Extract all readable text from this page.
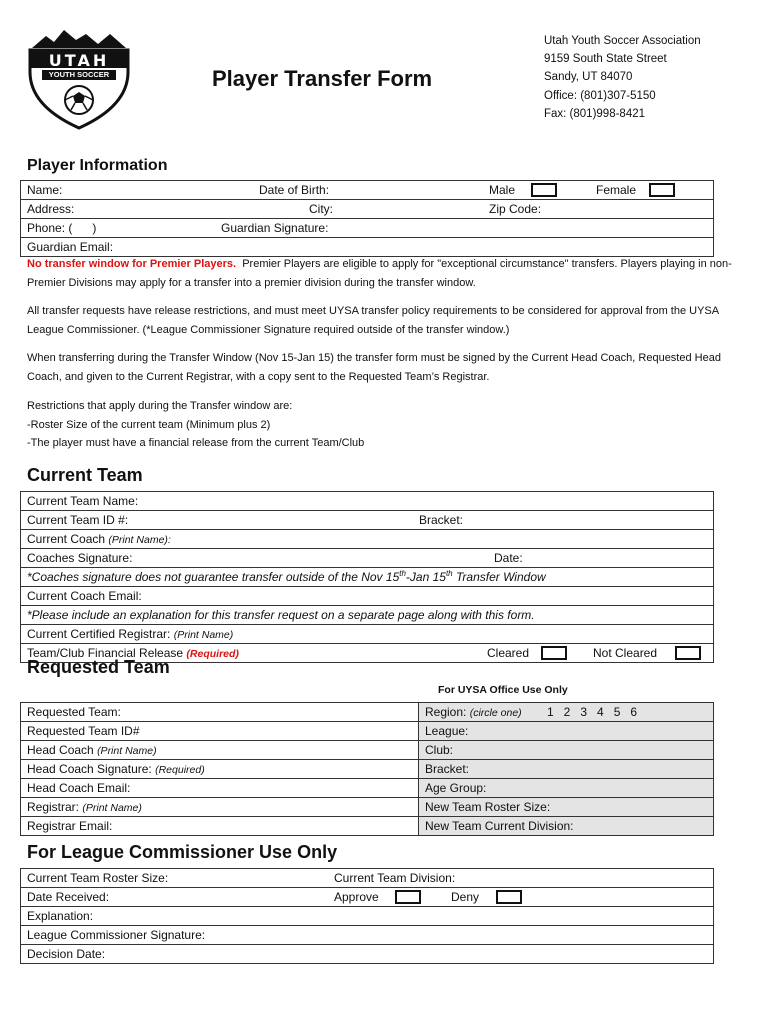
UTAH
YOUTH SOCCER	Player Transfer Form
Utah Youth Soccer Association
9159 South State Street
Sandy, UT 84070
Office: (801)307-5150
Fax: (801)998-8421
Player Information
Name:	Date of Birth:	Male	Female
Address:	City:	Zip Code:
Phone: (      )	Guardian Signature:
Guardian Email:
No transfer window for Premier Players. Premier Players are eligible to apply for "exceptional circumstance" transfers. Players playing in non-Premier Divisions may apply for a transfer into a premier division during the transfer window.
All transfer requests have release restrictions, and must meet UYSA transfer policy requirements to be considered for approval from the UYSA League Commissioner. (*League Commissioner Signature required outside of the transfer window.)
When transferring during the Transfer Window (Nov 15-Jan 15) the transfer form must be signed by the Current Head Coach, Requested Head Coach, and given to the Current Registrar, with a copy sent to the Requested Team’s Registrar.
Restrictions that apply during the Transfer window are:
-Roster Size of the current team (Minimum plus 2)
-The player must have a financial release from the current Team/Club
Current Team
Current Team Name:
Current Team ID #:	Bracket:
Current Coach (Print Name):
Coaches Signature:	Date:
*Coaches signature does not guarantee transfer outside of the Nov 15th-Jan 15th Transfer Window
Current Coach Email:
*Please include an explanation for this transfer request on a separate page along with this form.
Current Certified Registrar: (Print Name)
Team/Club Financial Release (Required)	Cleared	Not Cleared
Requested Team
For UYSA Office Use Only
Requested Team:	Region: (circle one) 1   2   3   4   5   6
Requested Team ID#	League:
Head Coach (Print Name)	Club:
Head Coach Signature: (Required)	Bracket:
Head Coach Email:	Age Group:
Registrar: (Print Name)	New Team Roster Size:
Registrar Email:	New Team Current Division:
For League Commissioner Use Only
Current Team Roster Size:	Current Team Division:
Date Received:	Approve	Deny
Explanation:
League Commissioner Signature:
Decision Date:
